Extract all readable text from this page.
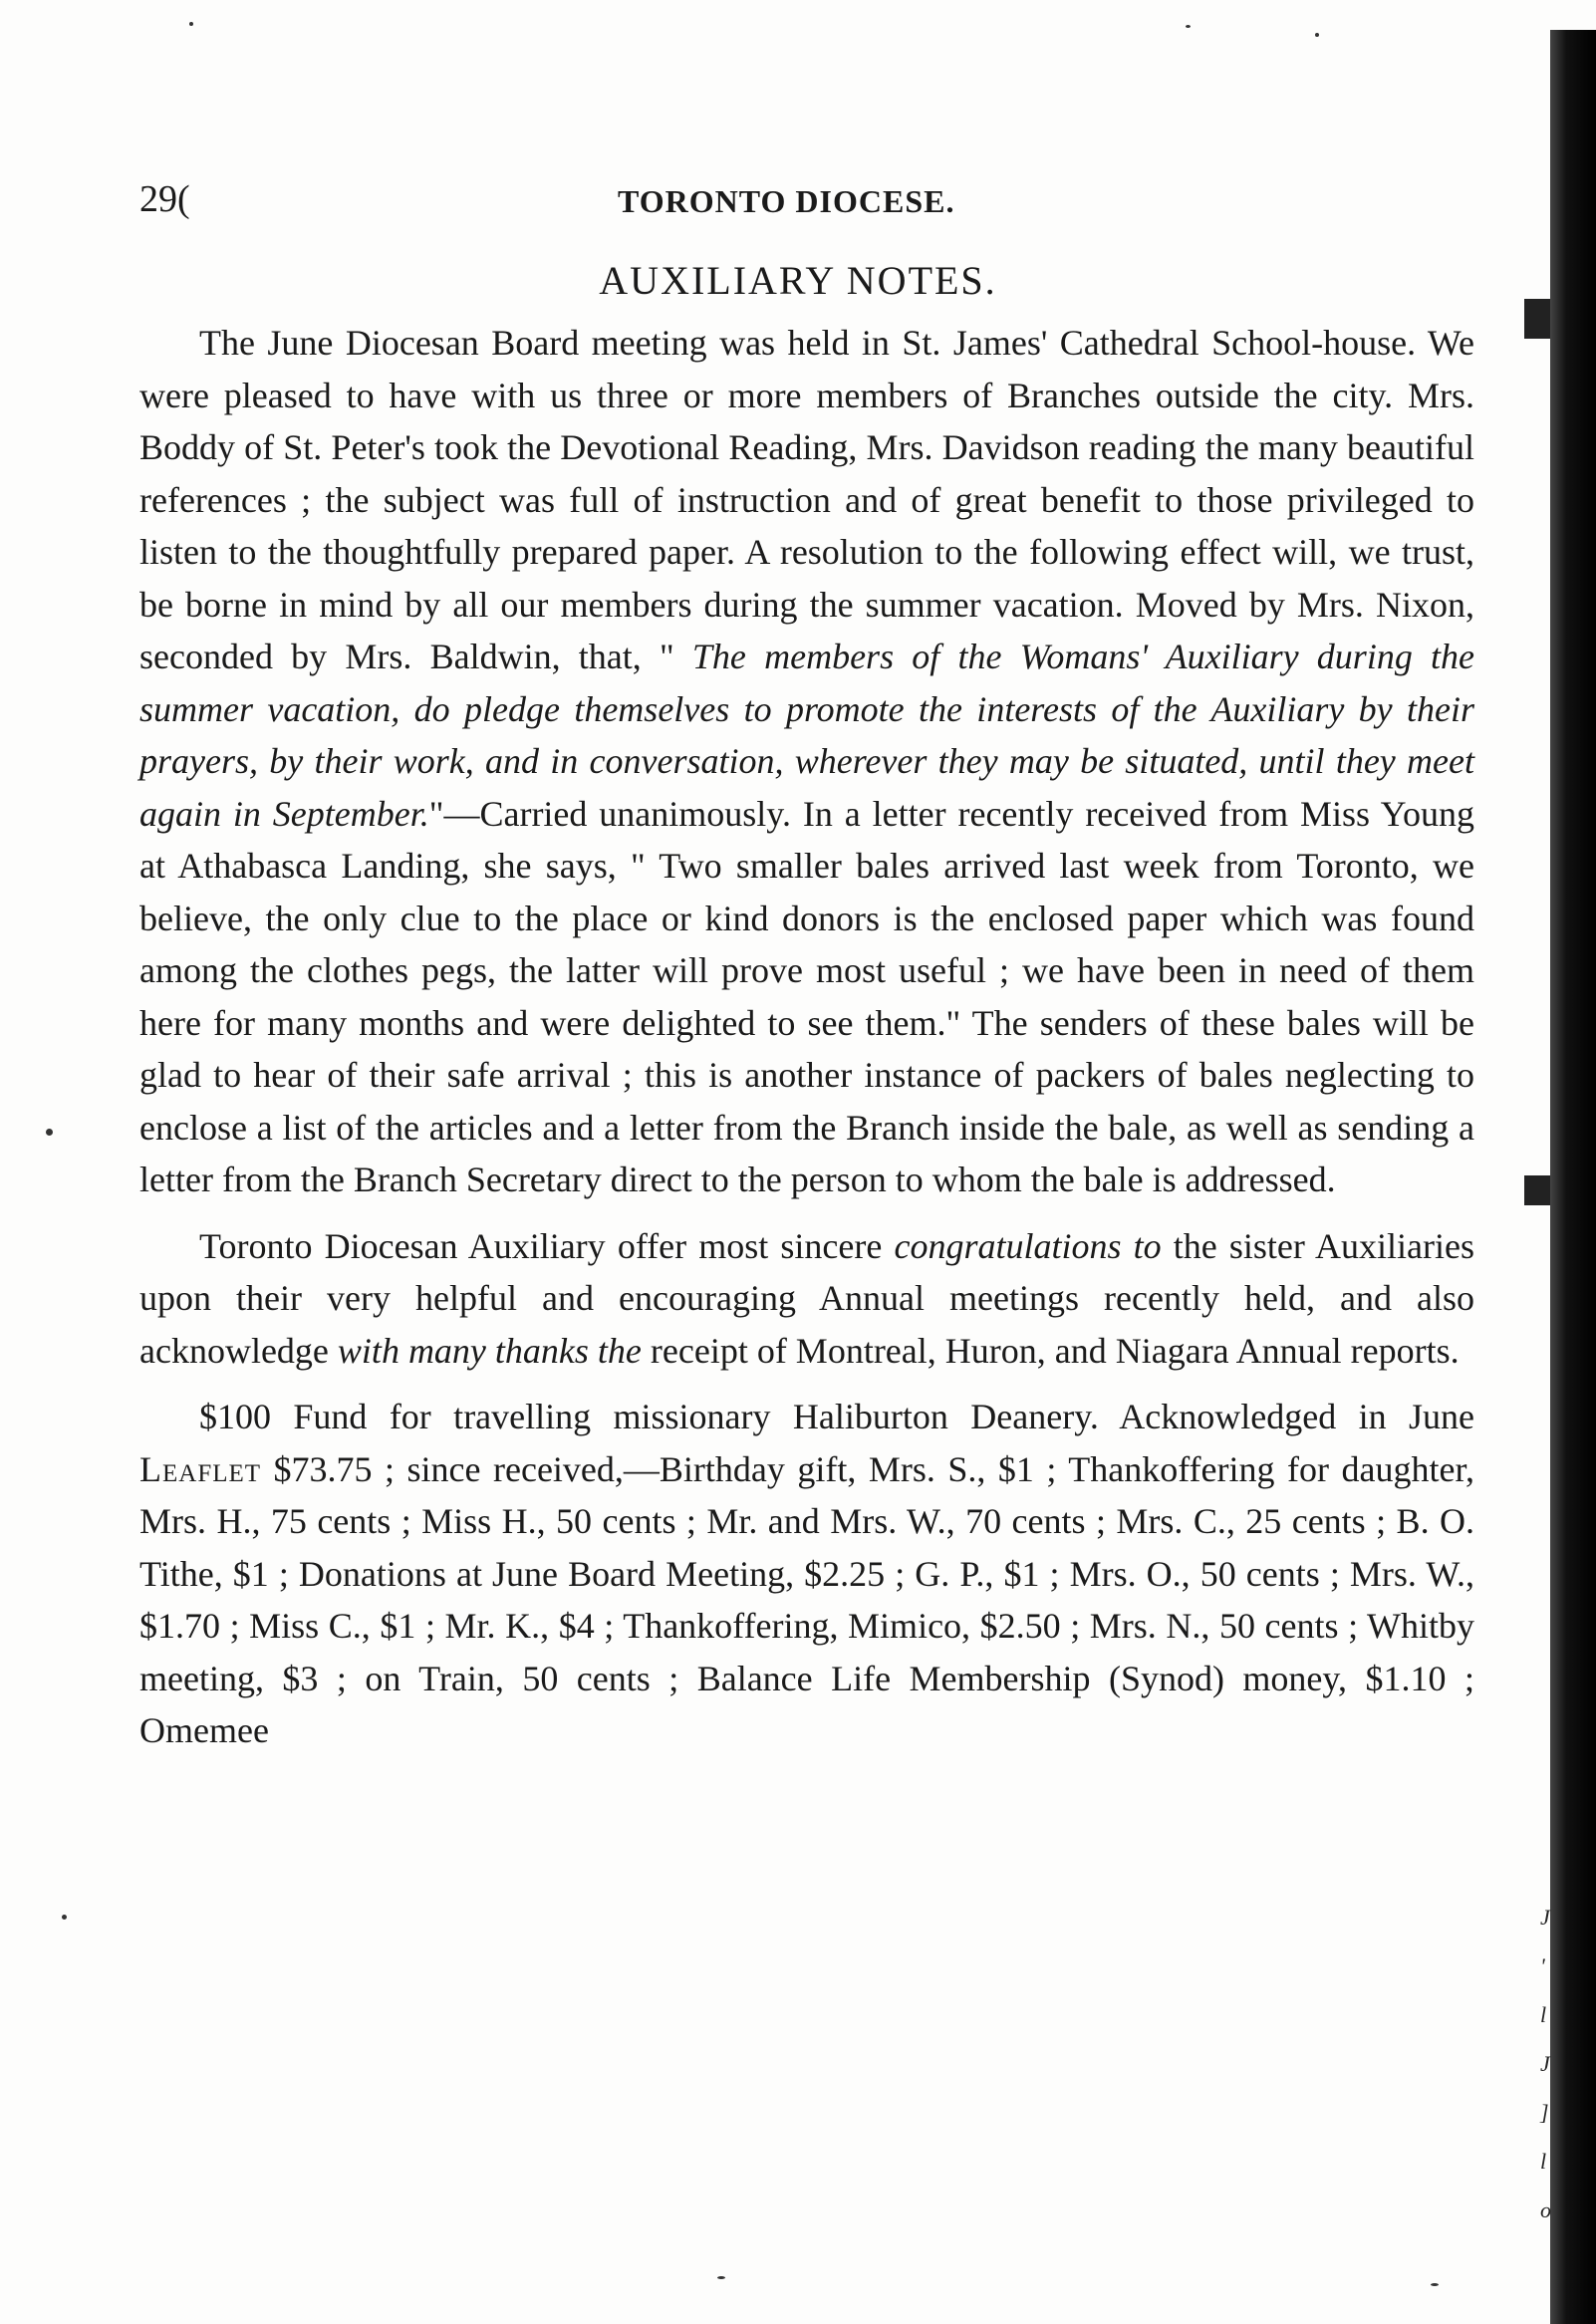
J
'
l
J
]
l
o
29(	TORONTO DIOCESE.
AUXILIARY NOTES.

The June Diocesan Board meeting was held in St. James' Cathedral School-house. We were pleased to have with us three or more members of Branches outside the city. Mrs. Boddy of St. Peter's took the Devotional Reading, Mrs. Davidson reading the many beautiful references ; the subject was full of instruction and of great benefit to those privileged to listen to the thoughtfully prepared paper. A resolution to the following effect will, we trust, be borne in mind by all our members during the summer vacation. Moved by Mrs. Nixon, seconded by Mrs. Baldwin, that, " The members of the Womans' Auxiliary during the summer vacation, do pledge themselves to promote the interests of the Auxiliary by their prayers, by their work, and in conversation, wherever they may be situated, until they meet again in September."—Carried unanimously. In a letter recently received from Miss Young at Athabasca Landing, she says, " Two smaller bales arrived last week from Toronto, we believe, the only clue to the place or kind donors is the enclosed paper which was found among the clothes pegs, the latter will prove most useful ; we have been in need of them here for many months and were delighted to see them." The senders of these bales will be glad to hear of their safe arrival ; this is another instance of packers of bales neglecting to enclose a list of the articles and a letter from the Branch inside the bale, as well as sending a letter from the Branch Secretary direct to the person to whom the bale is addressed.

Toronto Diocesan Auxiliary offer most sincere congratulations to the sister Auxiliaries upon their very helpful and encouraging Annual meetings recently held, and also acknowledge with many thanks the receipt of Montreal, Huron, and Niagara Annual reports.

$100 Fund for travelling missionary Haliburton Deanery. Acknowledged in June Leaflet $73.75 ; since received,—Birthday gift, Mrs. S., $1 ; Thankoffering for daughter, Mrs. H., 75 cents ; Miss H., 50 cents ; Mr. and Mrs. W., 70 cents ; Mrs. C., 25 cents ; B. O. Tithe, $1 ; Donations at June Board Meeting, $2.25 ; G. P., $1 ; Mrs. O., 50 cents ; Mrs. W., $1.70 ; Miss C., $1 ; Mr. K., $4 ; Thankoffering, Mimico, $2.50 ; Mrs. N., 50 cents ; Whitby meeting, $3 ; on Train, 50 cents ; Balance Life Membership (Synod) money, $1.10 ; Omemee
